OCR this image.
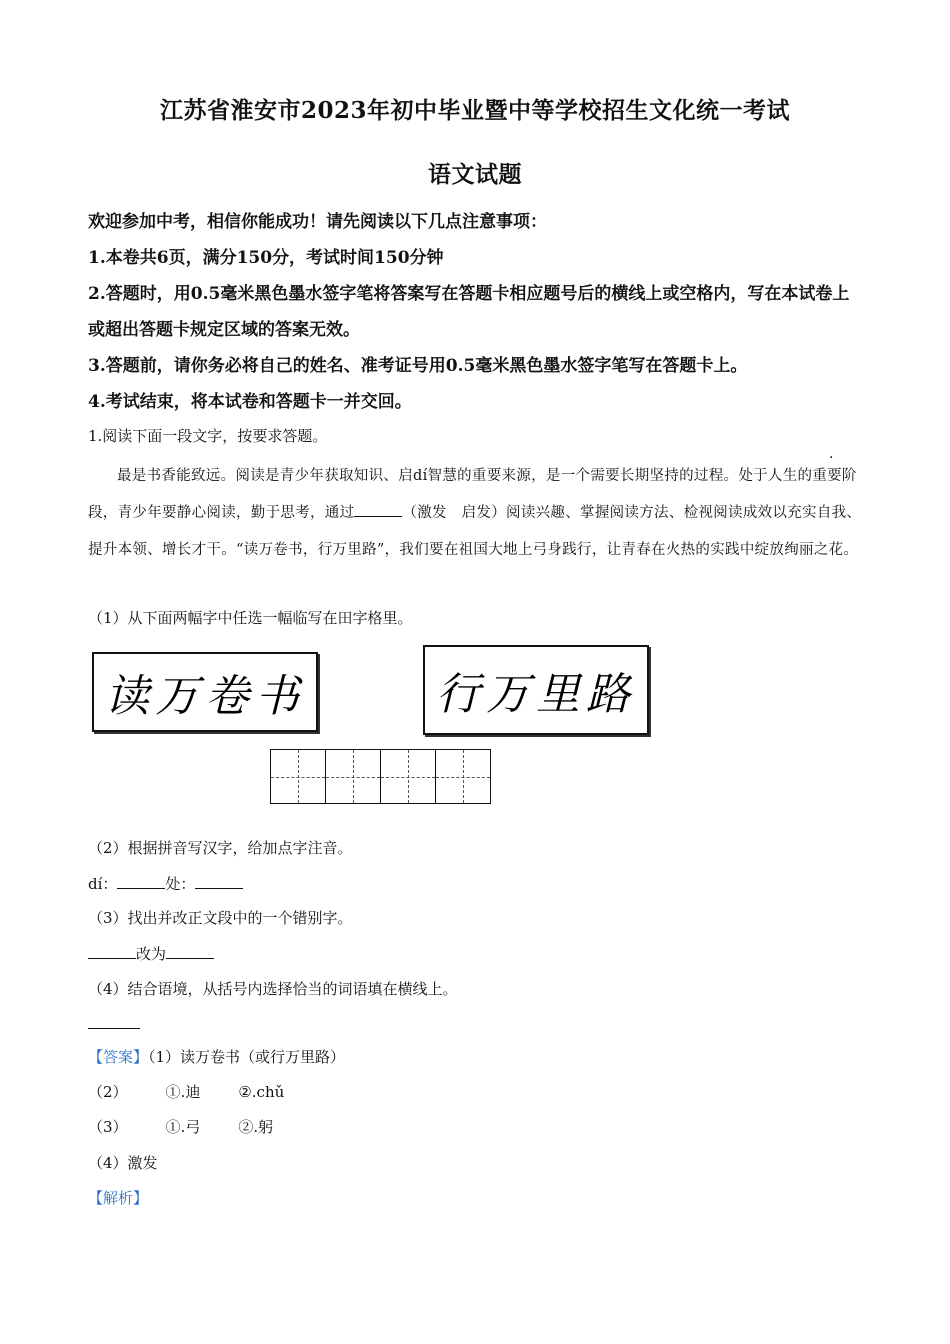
江苏省淮安市2023年初中毕业暨中等学校招生文化统一考试
语文试题
欢迎参加中考，相信你能成功！请先阅读以下几点注意事项：
1.本卷共6页，满分150分，考试时间150分钟
2.答题时，用0.5毫米黑色墨水签字笔将答案写在答题卡相应题号后的横线上或空格内，写在本试卷上或超出答题卡规定区域的答案无效。
3.答题前，请你务必将自己的姓名、准考证号用0.5毫米黑色墨水签字笔写在答题卡上。
4.考试结束，将本试卷和答题卡一并交回。
1.阅读下面一段文字，按要求答题。
·
最是书香能致远。阅读是青少年获取知识、启dí智慧的重要来源，是一个需要长期坚持的过程。处于人生的重要阶段，青少年要静心阅读，勤于思考，通过	（激发　启发）阅读兴趣、掌握阅读方法、检视阅读成效以充实自我、提升本领、增长才干。“读万卷书，行万里路”，我们要在祖国大地上弓身践行，让青春在火热的实践中绽放绚丽之花。
（1）从下面两幅字中任选一幅临写在田字格里。
读万卷书	行万里路
（2）根据拼音写汉字，给加点字注音。
dí：	处：
（3）找出并改正文段中的一个错别字。
改为
（4）结合语境，从括号内选择恰当的词语填在横线上。
【答案】（1）读万卷书（或行万里路）
（2）	①.迪	②.chǔ
（3）	①.弓	②.躬
（4）激发
【解析】
